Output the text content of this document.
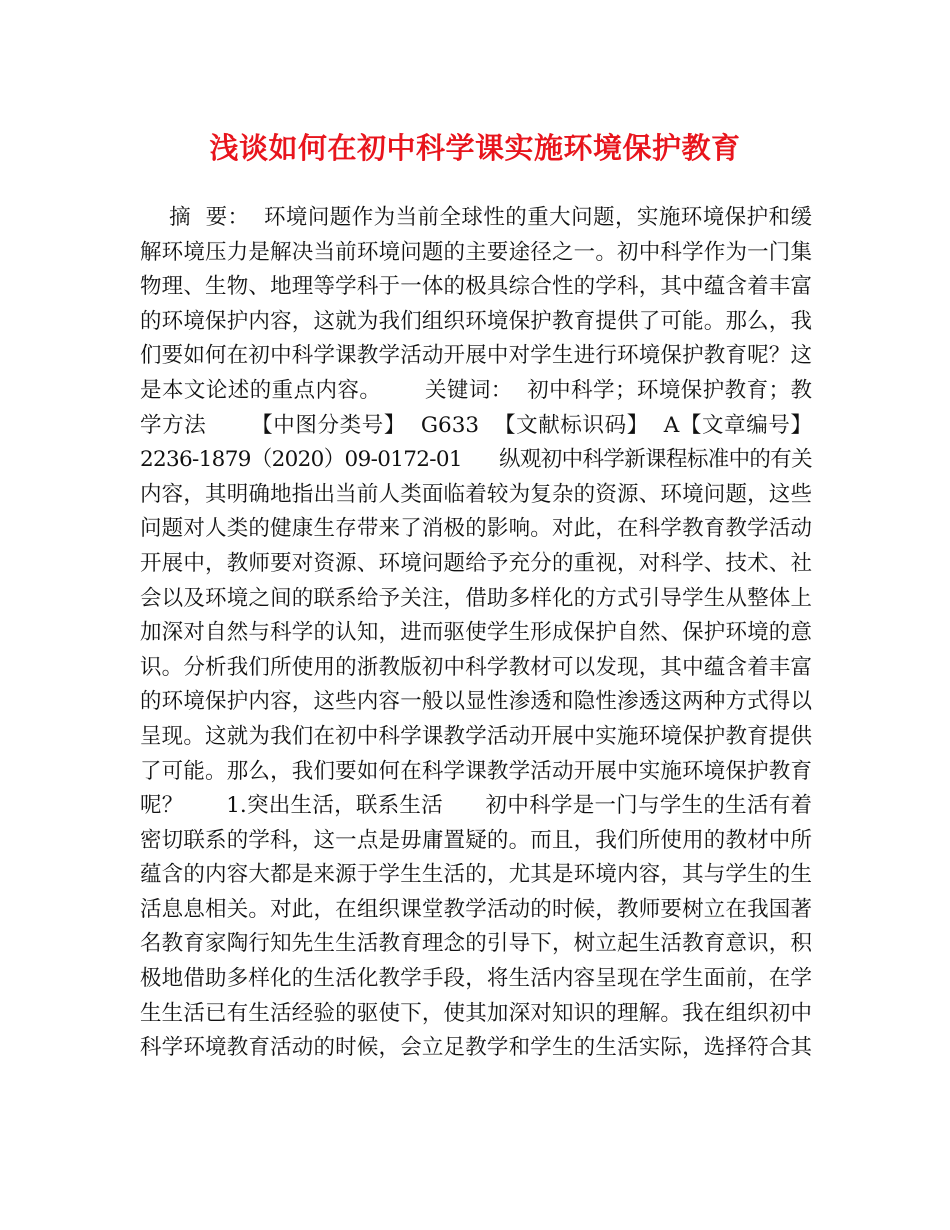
浅谈如何在初中科学课实施环境保护教育
摘  要：  环境问题作为当前全球性的重大问题，实施环境保护和缓
解环境压力是解决当前环境问题的主要途径之一。初中科学作为一门集
物理、生物、地理等学科于一体的极具综合性的学科，其中蕴含着丰富
的环境保护内容，这就为我们组织环境保护教育提供了可能。那么，我
们要如何在初中科学课教学活动开展中对学生进行环境保护教育呢？这
是本文论述的重点内容。      关键词：  初中科学；环境保护教育；教
学方法      【中图分类号】  G633  【文献标识码】  A【文章编号】
2236-1879（2020）09-0172-01      纵观初中科学新课程标准中的有关
内容，其明确地指出当前人类面临着较为复杂的资源、环境问题，这些
问题对人类的健康生存带来了消极的影响。对此，在科学教育教学活动
开展中，教师要对资源、环境问题给予充分的重视，对科学、技术、社
会以及环境之间的联系给予关注，借助多样化的方式引导学生从整体上
加深对自然与科学的认知，进而驱使学生形成保护自然、保护环境的意
识。分析我们所使用的浙教版初中科学教材可以发现，其中蕴含着丰富
的环境保护内容，这些内容一般以显性渗透和隐性渗透这两种方式得以
呈现。这就为我们在初中科学课教学活动开展中实施环境保护教育提供
了可能。那么，我们要如何在科学课教学活动开展中实施环境保护教育
呢？      1.突出生活，联系生活      初中科学是一门与学生的生活有着
密切联系的学科，这一点是毋庸置疑的。而且，我们所使用的教材中所
蕴含的内容大都是来源于学生生活的，尤其是环境内容，其与学生的生
活息息相关。对此，在组织课堂教学活动的时候，教师要树立在我国著
名教育家陶行知先生生活教育理念的引导下，树立起生活教育意识，积
极地借助多样化的生活化教学手段，将生活内容呈现在学生面前，在学
生生活已有生活经验的驱使下，使其加深对知识的理解。我在组织初中
科学环境教育活动的时候，会立足教学和学生的生活实际，选择符合其
